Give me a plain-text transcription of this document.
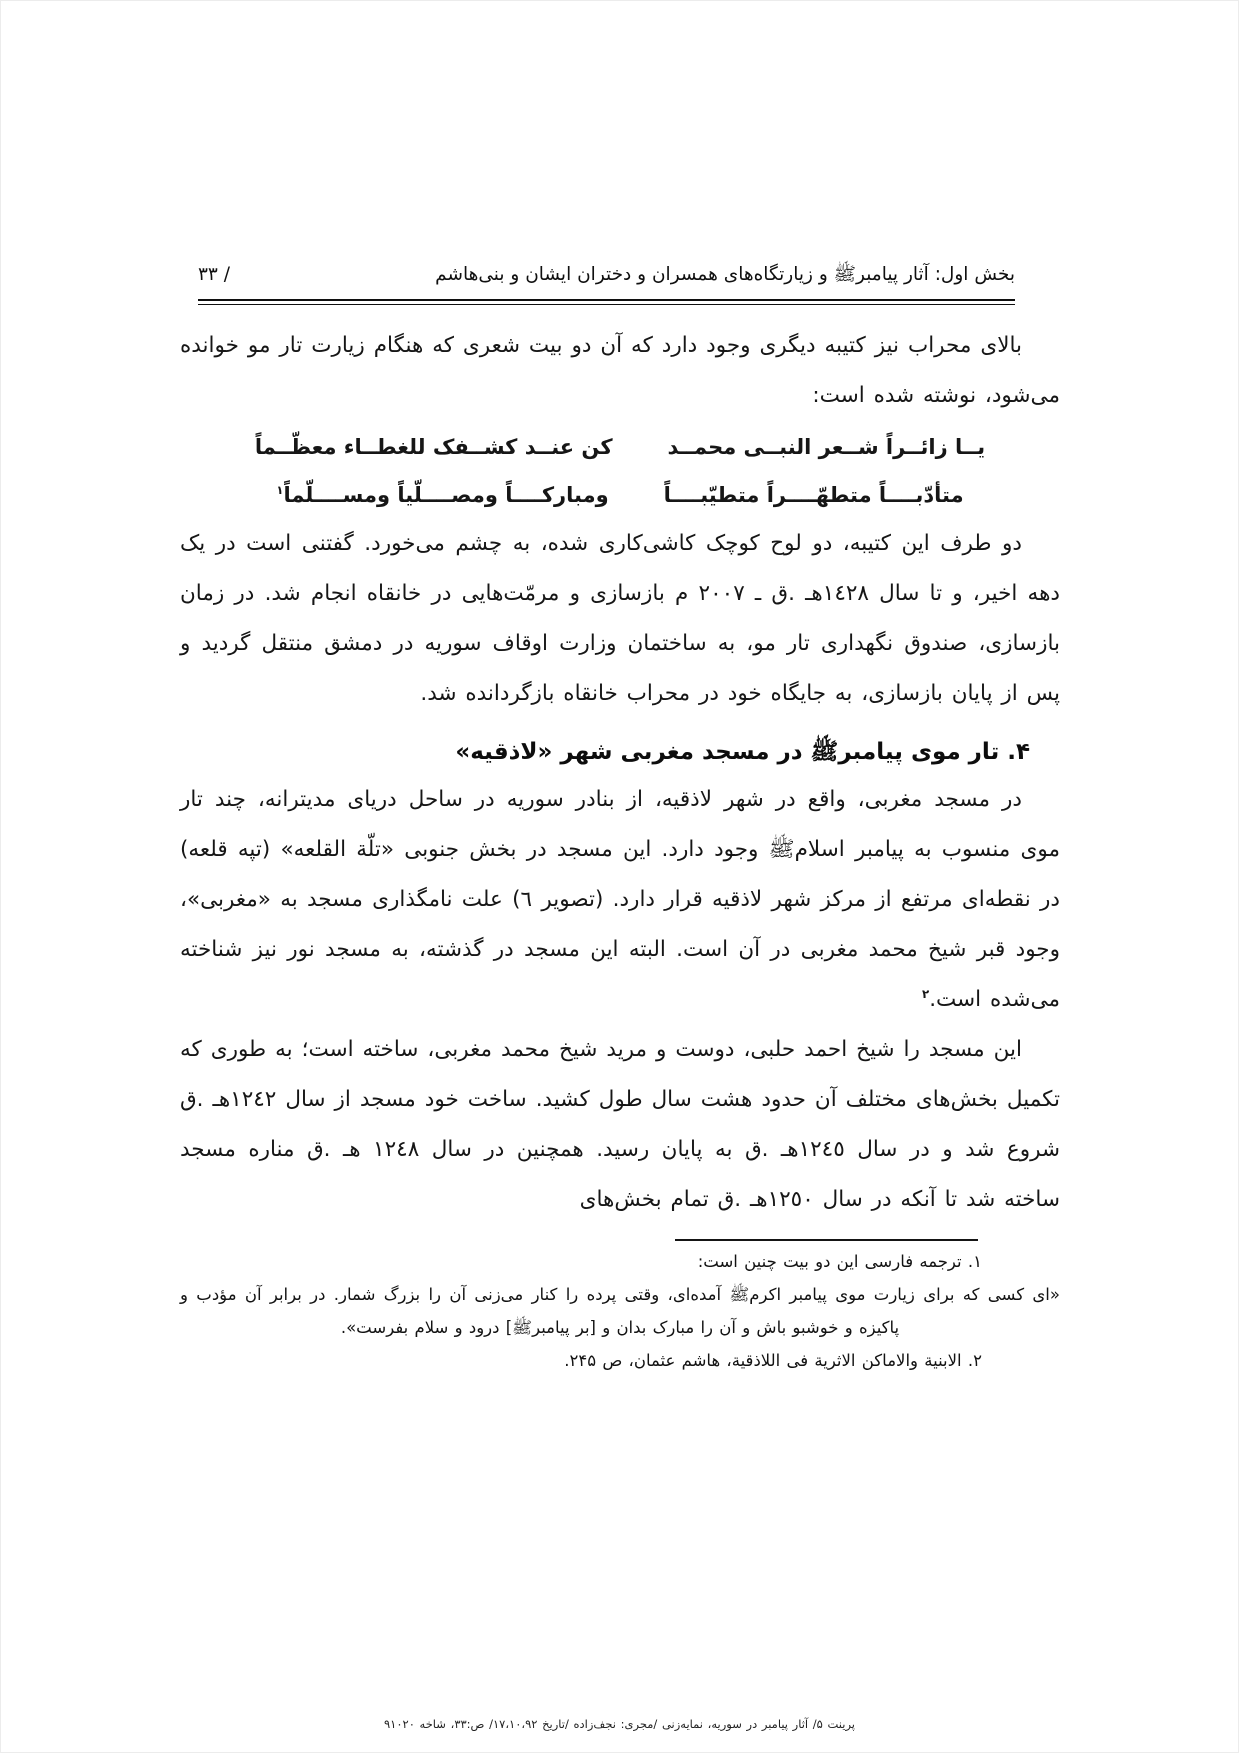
بخش اول: آثار پیامبرﷺ و زیارتگاه‌های همسران و دختران ایشان و بنی‌هاشم
/ ۳۳

بالای محراب نیز کتیبه دیگری وجود دارد که آن دو بیت شعری که هنگام زیارت تار مو خوانده می‌شود، نوشته شده است:

یــا زائــراً شــعر النبــی محمــد
کن عنــد کشــفک للغطــاء معظّــماً
متأدّبــــاً متطهّــــراً متطیّبــــاً
ومبارکــــاً ومصــــلّیاً ومســــلّماً$^۱$

دو طرف این کتیبه، دو لوح کوچک کاشی‌کاری شده، به چشم می‌خورد. گفتنی است در یک دهه اخیر، و تا سال ١٤٢٨هـ .ق ـ ٢٠٠٧ م بازسازی و مرمّت‌هایی در خانقاه انجام شد. در زمان بازسازی، صندوق نگهداری تار مو، به ساختمان وزارت اوقاف سوریه در دمشق منتقل گردید و پس از پایان بازسازی، به جایگاه خود در محراب خانقاه بازگردانده شد.

۴. تار موی پیامبرﷺ در مسجد مغربی شهر «لاذقیه»

در مسجد مغربی، واقع در شهر لاذقیه، از بنادر سوریه در ساحل دریای مدیترانه، چند تار موی منسوب به پیامبر اسلامﷺ وجود دارد. این مسجد در بخش جنوبی «تلّة القلعه» (تپه قلعه) در نقطه‌ای مرتفع از مرکز شهر لاذقیه قرار دارد. (تصویر ٦) علت نامگذاری مسجد به «مغربی»، وجود قبر شیخ محمد مغربی در آن است. البته این مسجد در گذشته، به مسجد نور نیز شناخته می‌شده است.$^۲$

این مسجد را شیخ احمد حلبی، دوست و مرید شیخ محمد مغربی، ساخته است؛ به طوری که تکمیل بخش‌های مختلف آن حدود هشت سال طول کشید. ساخت خود مسجد از سال ١٢٤٢هـ .ق شروع شد و در سال ١٢٤٥هـ .ق به پایان رسید. همچنین در سال ١٢٤٨ هـ .ق مناره مسجد ساخته شد تا آنکه در سال ١٢٥٠هـ .ق تمام بخش‌های

۱. ترجمه فارسی این دو بیت چنین است:

«ای کسی که برای زیارت موی پیامبر اکرمﷺ آمده‌ای، وقتی پرده را کنار می‌زنی آن را بزرگ شمار. در برابر آن مؤدب و پاکیزه و خوشبو باش و آن را مبارک بدان و [بر پیامبرﷺ] درود و سلام بفرست».

۲. الابنیة والاماکن الاثریة فی اللاذقیة، هاشم عثمان، ص ۲۴۵.

پرینت ۵/ آثار پیامبر در سوریه، نمایه‌زنی /مجری: نجف‌زاده /تاریخ ۱۷،۱۰،۹۲/ ص:۳۳، شاخه ۹۱۰۲۰
